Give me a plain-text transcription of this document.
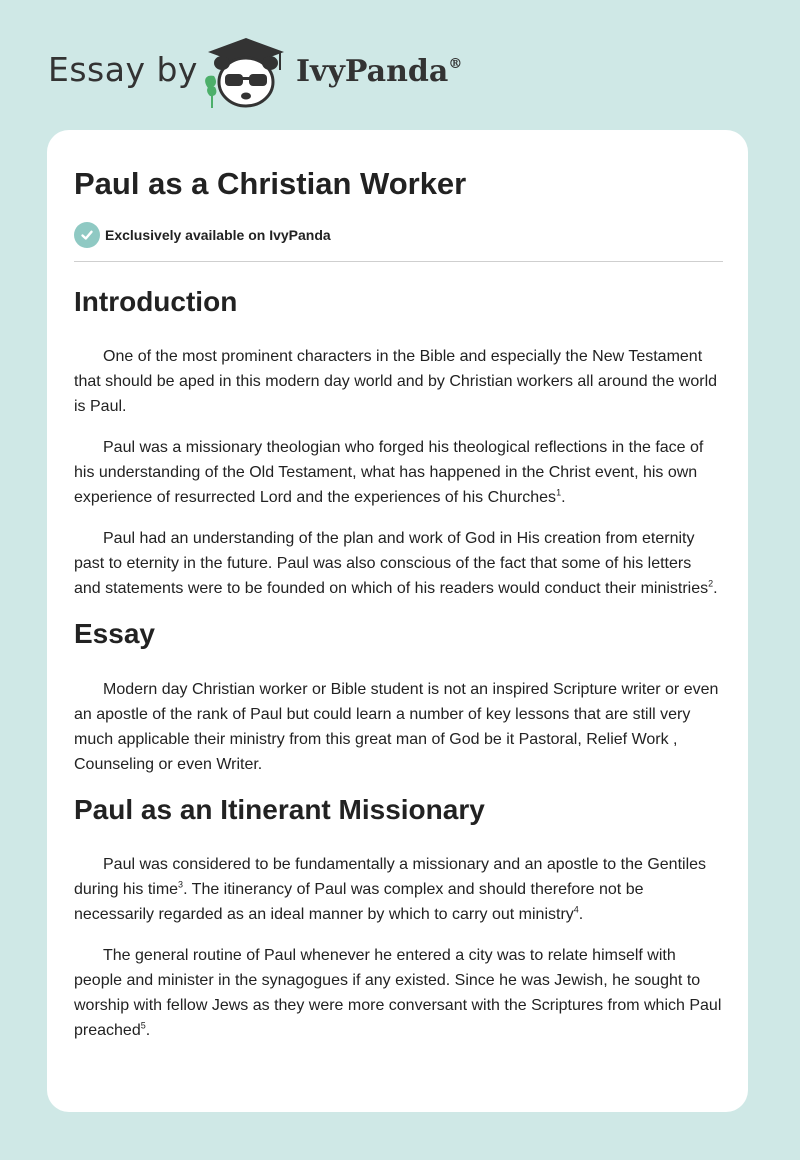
Essay by	IvyPanda®
Paul as a Christian Worker
Exclusively available on IvyPanda
Introduction

One of the most prominent characters in the Bible and especially the New Testament that should be aped in this modern day world and by Christian workers all around the world is Paul.

Paul was a missionary theologian who forged his theological reflections in the face of his understanding of the Old Testament, what has happened in the Christ event, his own experience of resurrected Lord and the experiences of his Churches$^1$.

Paul had an understanding of the plan and work of God in His creation from eternity past to eternity in the future. Paul was also conscious of the fact that some of his letters and statements were to be founded on which of his readers would conduct their ministries$^2$.

Essay

Modern day Christian worker or Bible student is not an inspired Scripture writer or even an apostle of the rank of Paul but could learn a number of key lessons that are still very much applicable their ministry from this great man of God be it Pastoral, Relief Work , Counseling or even Writer.

Paul as an Itinerant Missionary

Paul was considered to be fundamentally a missionary and an apostle to the Gentiles during his time$^3$. The itinerancy of Paul was complex and should therefore not be necessarily regarded as an ideal manner by which to carry out ministry$^4$.

The general routine of Paul whenever he entered a city was to relate himself with people and minister in the synagogues if any existed. Since he was Jewish, he sought to worship with fellow Jews as they were more conversant with the Scriptures from which Paul preached$^5$.
